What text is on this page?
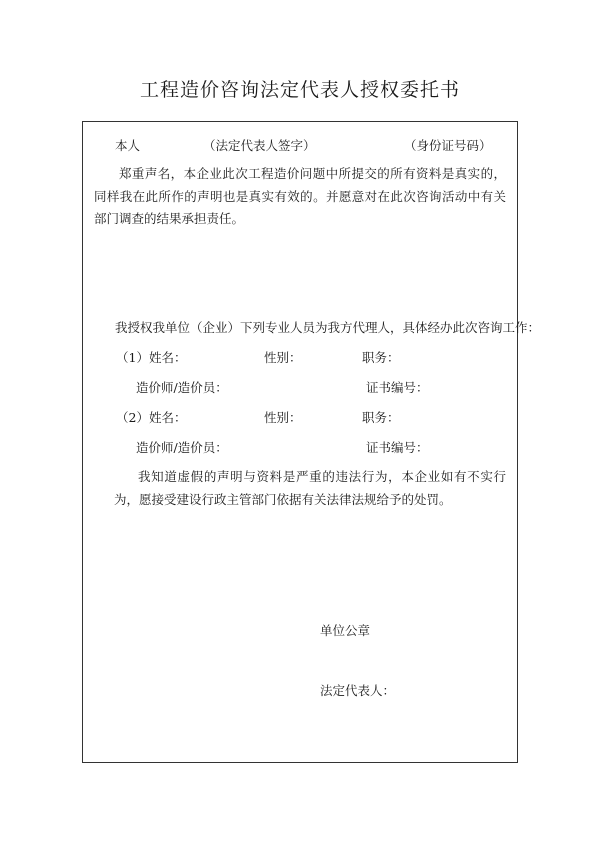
工程造价咨询法定代表人授权委托书
本人	（法定代表人签字）	（身份证号码）
郑重声名，本企业此次工程造价问题中所提交的所有资料是真实的，同样我在此所作的声明也是真实有效的。并愿意对在此次咨询活动中有关部门调查的结果承担责任。
我授权我单位（企业）下列专业人员为我方代理人，具体经办此次咨询工作：
（1）姓名：	性别：	职务：
造价师/造价员：	证书编号：
（2）姓名：	性别：	职务：
造价师/造价员：	证书编号：
我知道虚假的声明与资料是严重的违法行为，本企业如有不实行为，愿接受建设行政主管部门依据有关法律法规给予的处罚。
单位公章
法定代表人：
